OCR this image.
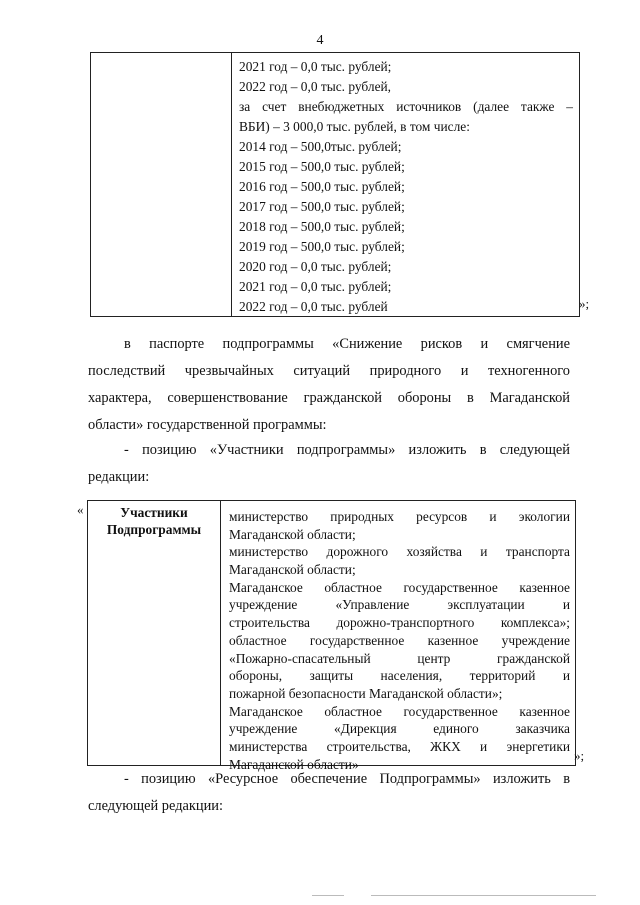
4
2021 год – 0,0 тыс. рублей;
2022 год – 0,0 тыс. рублей,
за счет внебюджетных источников (далее также –
ВБИ) – 3 000,0 тыс. рублей, в том числе:
2014 год – 500,0тыс. рублей;
2015 год – 500,0 тыс. рублей;
2016 год – 500,0 тыс. рублей;
2017 год – 500,0 тыс. рублей;
2018 год – 500,0 тыс. рублей;
2019 год – 500,0 тыс. рублей;
2020 год – 0,0 тыс. рублей;
2021 год – 0,0 тыс. рублей;
2022 год – 0,0 тыс. рублей	»;
в паспорте подпрограммы «Снижение рисков и смягчение
последствий чрезвычайных ситуаций природного и техногенного
характера, совершенствование гражданской обороны в Магаданской
области» государственной программы:
- позицию «Участники подпрограммы» изложить в следующей
редакции:
«	Участники
Подпрограммы
министерство природных ресурсов и экологии
Магаданской области;
министерство дорожного хозяйства и транспорта
Магаданской области;
Магаданское областное государственное казенное
учреждение «Управление эксплуатации и
строительства дорожно-транспортного комплекса»;
областное государственное казенное учреждение
«Пожарно-спасательный центр гражданской
обороны, защиты населения, территорий и
пожарной безопасности Магаданской области»;
Магаданское областное государственное казенное
учреждение «Дирекция единого заказчика
министерства строительства, ЖКХ и энергетики
Магаданской области»
»;
- позицию «Ресурсное обеспечение Подпрограммы» изложить в
следующей редакции:
